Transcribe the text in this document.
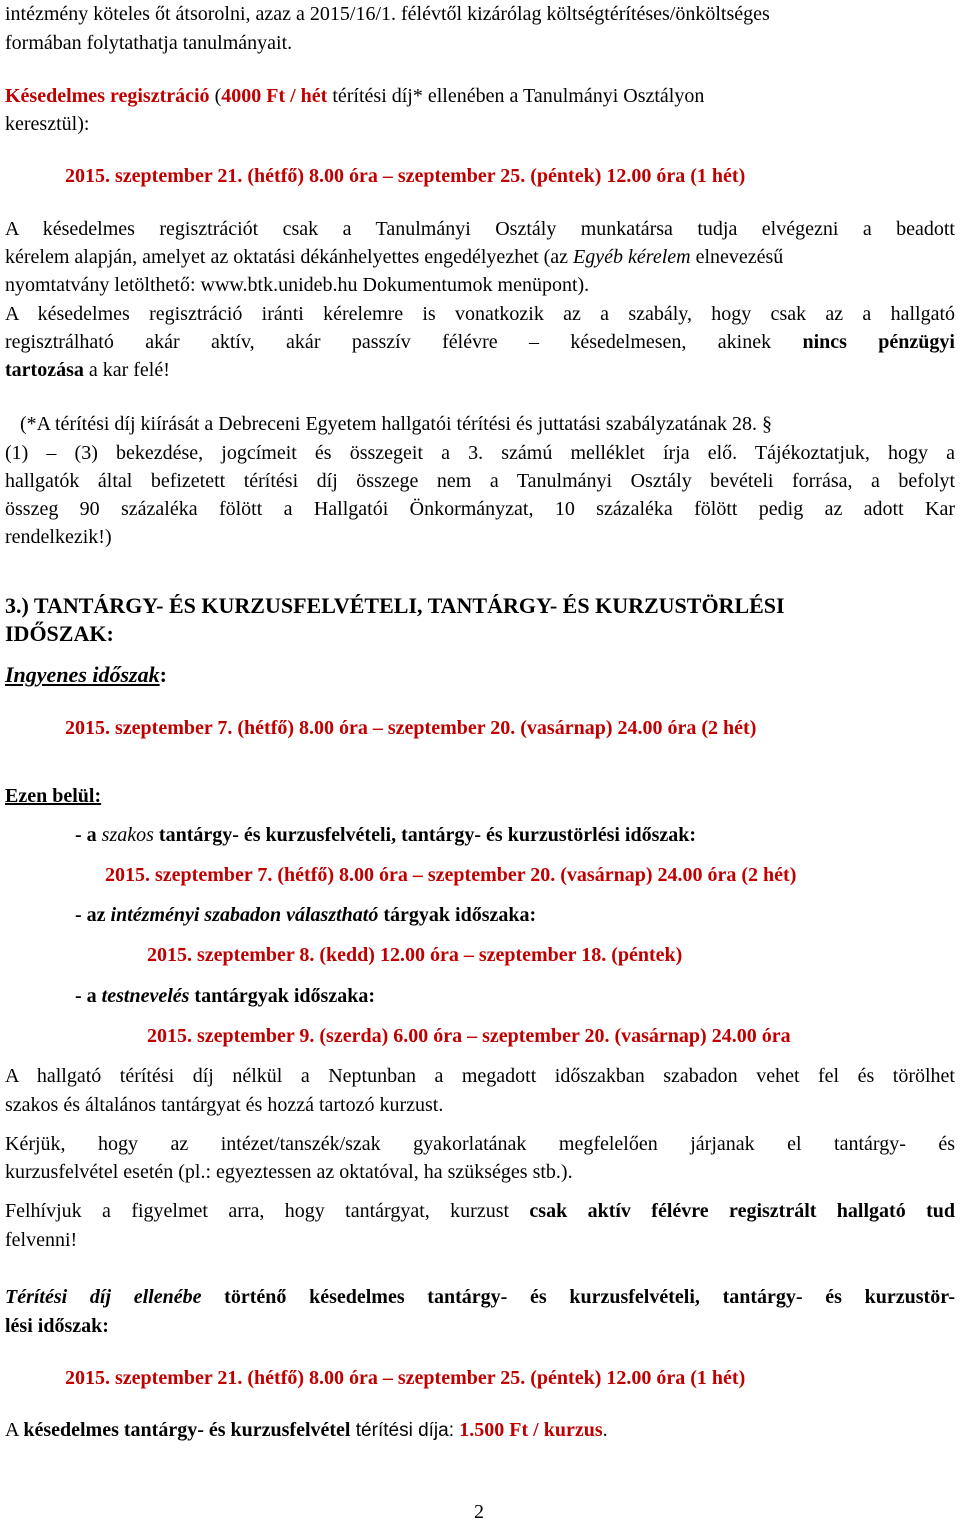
intézmény köteles őt átsorolni, azaz a 2015/16/1. félévtől kizárólag költségtérítéses/önköltséges
formában folytathatja tanulmányait.
Késedelmes regisztráció (4000 Ft / hét térítési díj* ellenében a Tanulmányi Osztályon
keresztül):
2015. szeptember 21. (hétfő) 8.00 óra – szeptember 25. (péntek) 12.00 óra (1 hét)
A késedelmes regisztrációt csak a Tanulmányi Osztály munkatársa tudja elvégezni a beadott
kérelem alapján, amelyet az oktatási dékánhelyettes engedélyezhet (az Egyéb kérelem elnevezésű
nyomtatvány letölthető: www.btk.unideb.hu Dokumentumok menüpont).
A késedelmes regisztráció iránti kérelemre is vonatkozik az a szabály, hogy csak az a hallgató
regisztrálható akár aktív, akár passzív félévre – késedelmesen, akinek nincs pénzügyi
tartozása a kar felé!
(*A térítési díj kiírását a Debreceni Egyetem hallgatói térítési és juttatási szabályzatának 28. §
(1) – (3) bekezdése, jogcímeit és összegeit a 3. számú melléklet írja elő. Tájékoztatjuk, hogy a
hallgatók által befizetett térítési díj összege nem a Tanulmányi Osztály bevételi forrása, a befolyt
összeg 90 százaléka fölött a Hallgatói Önkormányzat, 10 százaléka fölött pedig az adott Kar
rendelkezik!)
3.) TANTÁRGY- ÉS KURZUSFELVÉTELI, TANTÁRGY- ÉS KURZUSTÖRLÉSI
IDŐSZAK:
Ingyenes időszak:
2015. szeptember 7. (hétfő) 8.00 óra – szeptember 20. (vasárnap) 24.00 óra (2 hét)
Ezen belül:
- a szakos tantárgy- és kurzusfelvételi, tantárgy- és kurzustörlési időszak:
2015. szeptember 7. (hétfő) 8.00 óra – szeptember 20. (vasárnap) 24.00 óra (2 hét)
- az intézményi szabadon választható tárgyak időszaka:
2015. szeptember 8. (kedd) 12.00 óra – szeptember 18. (péntek)
- a testnevelés tantárgyak időszaka:
2015. szeptember 9. (szerda) 6.00 óra – szeptember 20. (vasárnap) 24.00 óra
A hallgató térítési díj nélkül a Neptunban a megadott időszakban szabadon vehet fel és törölhet
szakos és általános tantárgyat és hozzá tartozó kurzust.
Kérjük, hogy az intézet/tanszék/szak gyakorlatának megfelelően járjanak el tantárgy- és
kurzusfelvétel esetén (pl.: egyeztessen az oktatóval, ha szükséges stb.).
Felhívjuk a figyelmet arra, hogy tantárgyat, kurzust csak aktív félévre regisztrált hallgató tud
felvenni!
Térítési díj ellenébe történő késedelmes tantárgy- és kurzusfelvételi, tantárgy- és kurzustör-
lési időszak:
2015. szeptember 21. (hétfő) 8.00 óra – szeptember 25. (péntek) 12.00 óra (1 hét)
A késedelmes tantárgy- és kurzusfelvétel térítési díja: 1.500 Ft / kurzus.
2
